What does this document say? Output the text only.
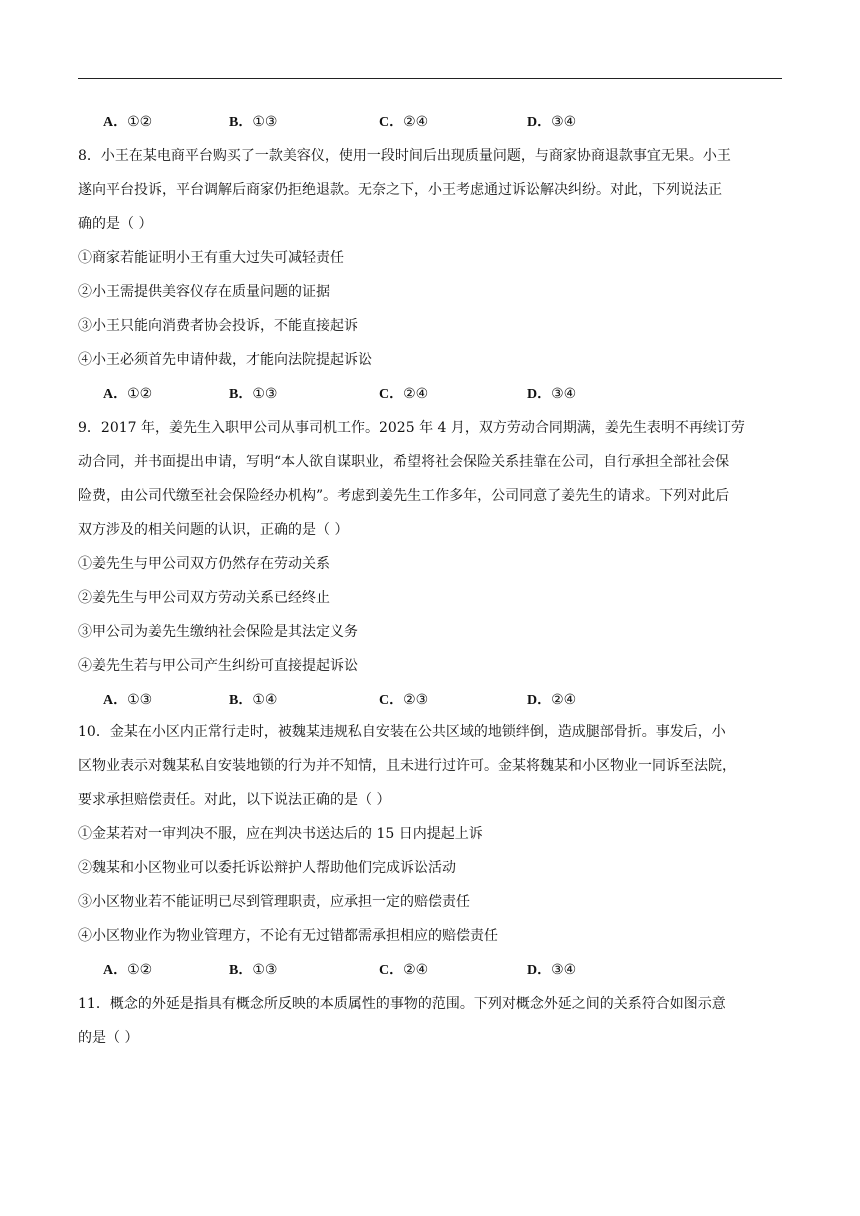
A．①②	B．①③	C．②④	D．③④
8．小王在某电商平台购买了一款美容仪，使用一段时间后出现质量问题，与商家协商退款事宜无果。小王
遂向平台投诉，平台调解后商家仍拒绝退款。无奈之下，小王考虑通过诉讼解决纠纷。对此，下列说法正
确的是（ ）
①商家若能证明小王有重大过失可减轻责任
②小王需提供美容仪存在质量问题的证据
③小王只能向消费者协会投诉，不能直接起诉
④小王必须首先申请仲裁，才能向法院提起诉讼
A．①②	B．①③	C．②④	D．③④
9．2017 年，姜先生入职甲公司从事司机工作。2025 年 4 月，双方劳动合同期满，姜先生表明不再续订劳
动合同，并书面提出申请，写明“本人欲自谋职业，希望将社会保险关系挂靠在公司，自行承担全部社会保
险费，由公司代缴至社会保险经办机构”。考虑到姜先生工作多年，公司同意了姜先生的请求。下列对此后
双方涉及的相关问题的认识，正确的是（ ）
①姜先生与甲公司双方仍然存在劳动关系
②姜先生与甲公司双方劳动关系已经终止
③甲公司为姜先生缴纳社会保险是其法定义务
④姜先生若与甲公司产生纠纷可直接提起诉讼
A．①③	B．①④	C．②③	D．②④
10．金某在小区内正常行走时，被魏某违规私自安装在公共区域的地锁绊倒，造成腿部骨折。事发后，小
区物业表示对魏某私自安装地锁的行为并不知情，且未进行过许可。金某将魏某和小区物业一同诉至法院，
要求承担赔偿责任。对此，以下说法正确的是（ ）
①金某若对一审判决不服，应在判决书送达后的 15 日内提起上诉
②魏某和小区物业可以委托诉讼辩护人帮助他们完成诉讼活动
③小区物业若不能证明已尽到管理职责，应承担一定的赔偿责任
④小区物业作为物业管理方，不论有无过错都需承担相应的赔偿责任
A．①②	B．①③	C．②④	D．③④
11．概念的外延是指具有概念所反映的本质属性的事物的范围。下列对概念外延之间的关系符合如图示意
的是（ ）
